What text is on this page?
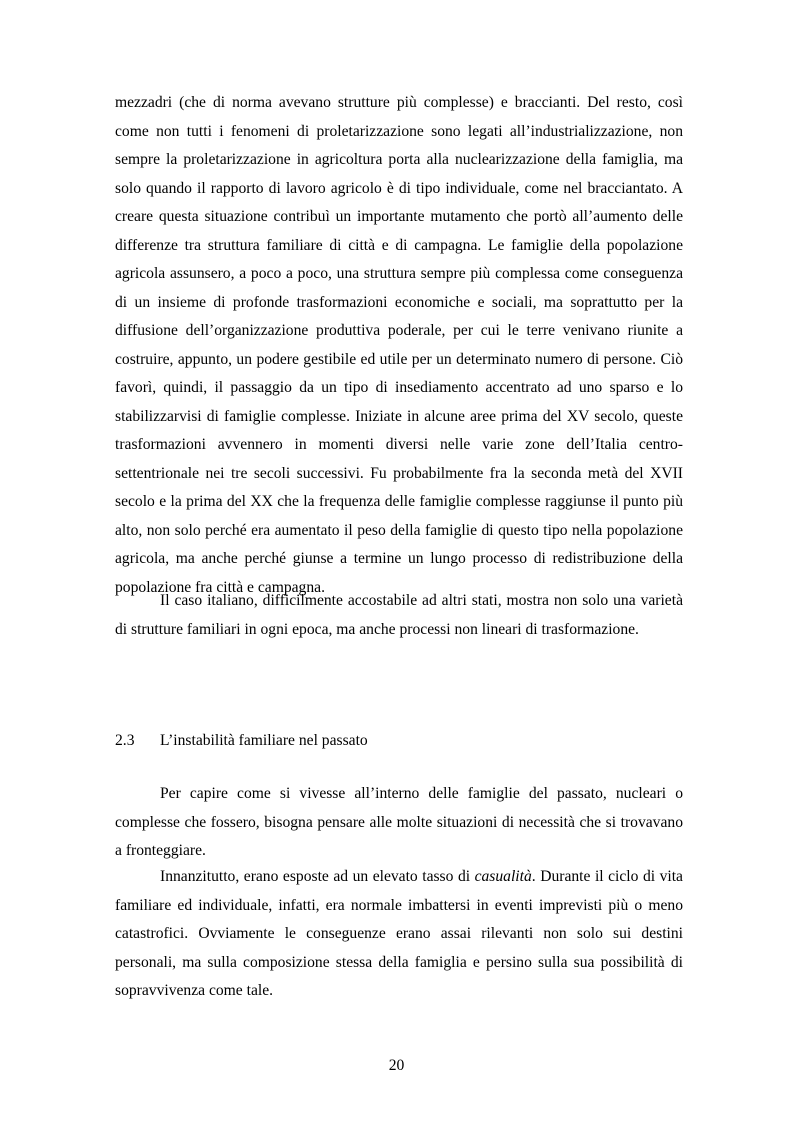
mezzadri (che di norma avevano strutture più complesse) e braccianti. Del resto, così come non tutti i fenomeni di proletarizzazione sono legati all’industrializzazione, non sempre la proletarizzazione in agricoltura porta alla nuclearizzazione della famiglia, ma solo quando il rapporto di lavoro agricolo è di tipo individuale, come nel bracciantato. A creare questa situazione contribuì un importante mutamento che portò all’aumento delle differenze tra struttura familiare di città e di campagna. Le famiglie della popolazione agricola assunsero, a poco a poco, una struttura sempre più complessa come conseguenza di un insieme di profonde trasformazioni economiche e sociali, ma soprattutto per la diffusione dell’organizzazione produttiva poderale, per cui le terre venivano riunite a costruire, appunto, un podere gestibile ed utile per un determinato numero di persone. Ciò favorì, quindi, il passaggio da un tipo di insediamento accentrato ad uno sparso e lo stabilizzarvisi di famiglie complesse. Iniziate in alcune aree prima del XV secolo, queste trasformazioni avvennero in momenti diversi nelle varie zone dell’Italia centro-settentrionale nei tre secoli successivi. Fu probabilmente fra la seconda metà del XVII secolo e la prima del XX che la frequenza delle famiglie complesse raggiunse il punto più alto, non solo perché era aumentato il peso della famiglie di questo tipo nella popolazione agricola, ma anche perché giunse a termine un lungo processo di redistribuzione della popolazione fra città e campagna.

Il caso italiano, difficilmente accostabile ad altri stati, mostra non solo una varietà di strutture familiari in ogni epoca, ma anche processi non lineari di trasformazione.

2.3 L’instabilità familiare nel passato

Per capire come si vivesse all’interno delle famiglie del passato, nucleari o complesse che fossero, bisogna pensare alle molte situazioni di necessità che si trovavano a fronteggiare.

Innanzitutto, erano esposte ad un elevato tasso di casualità. Durante il ciclo di vita familiare ed individuale, infatti, era normale imbattersi in eventi imprevisti più o meno catastrofici. Ovviamente le conseguenze erano assai rilevanti non solo sui destini personali, ma sulla composizione stessa della famiglia e persino sulla sua possibilità di sopravvivenza come tale.

20
